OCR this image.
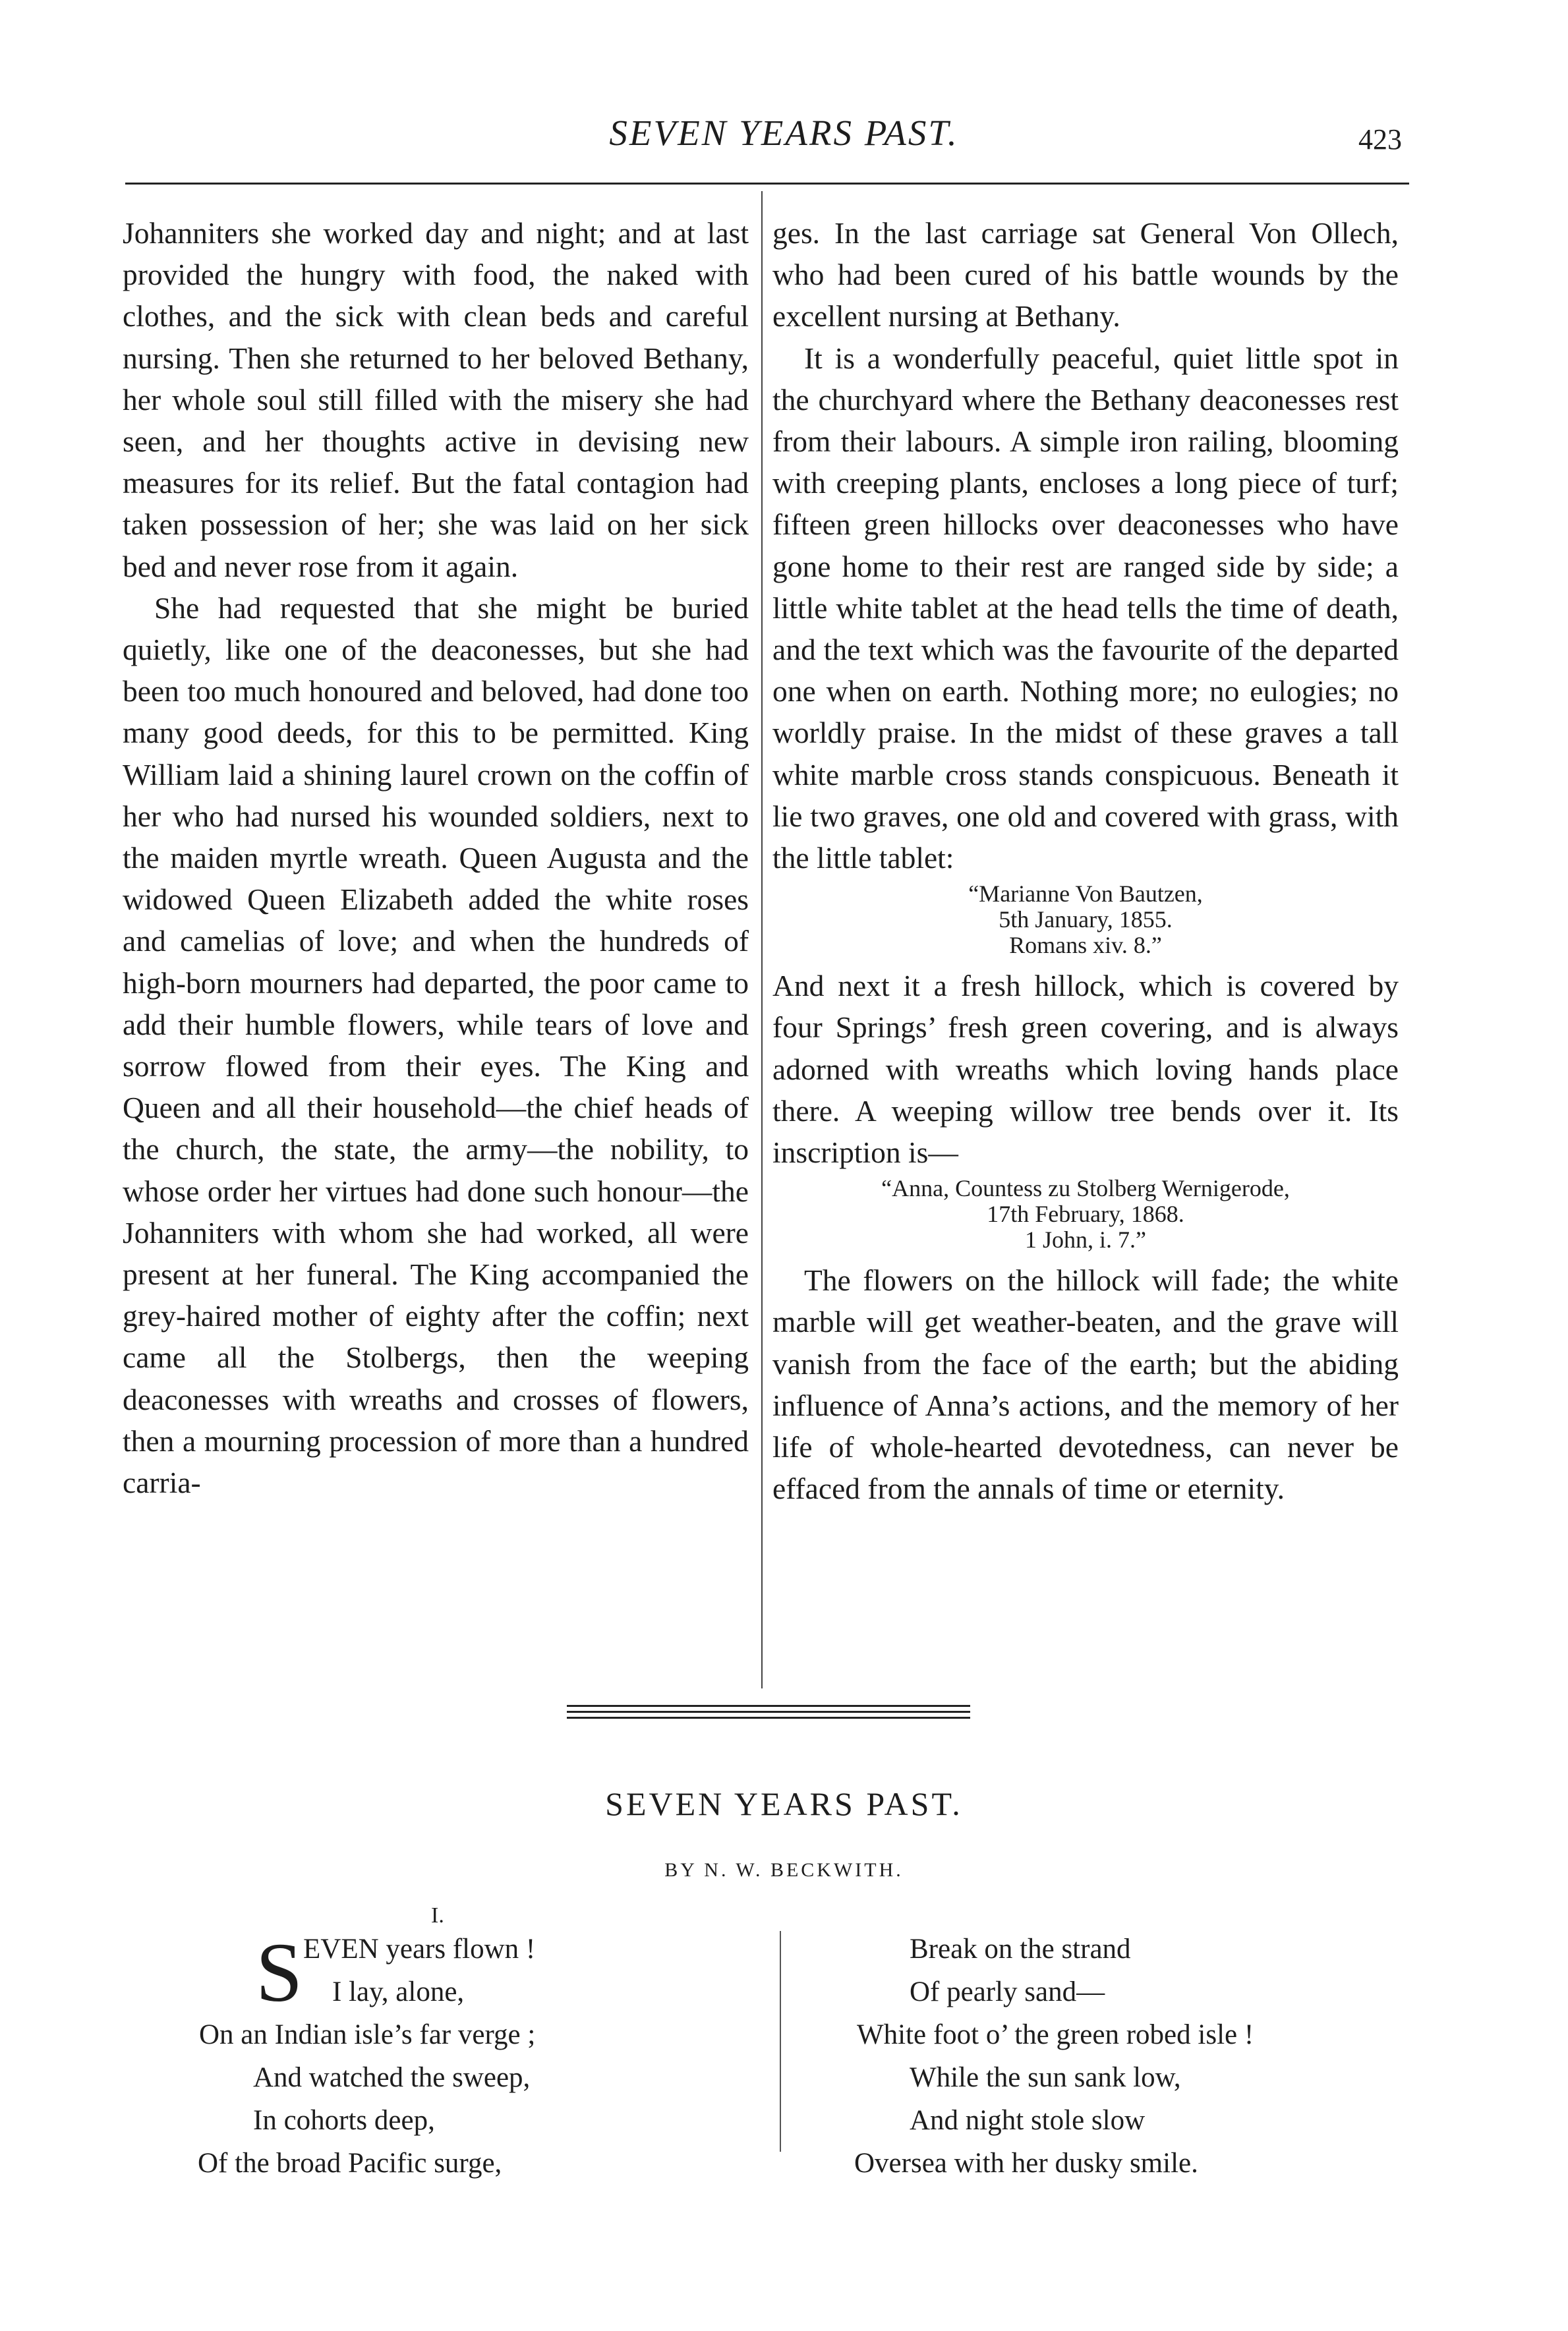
SEVEN YEARS PAST.	423

Johanniters she worked day and night; and at last provided the hungry with food, the naked with clothes, and the sick with clean beds and careful nursing. Then she returned to her beloved Bethany, her whole soul still filled with the misery she had seen, and her thoughts active in devising new measures for its relief. But the fatal contagion had taken possession of her; she was laid on her sick bed and never rose from it again.

She had requested that she might be buried quietly, like one of the deaconesses, but she had been too much honoured and beloved, had done too many good deeds, for this to be permitted. King William laid a shining laurel crown on the coffin of her who had nursed his wounded soldiers, next to the maiden myrtle wreath. Queen Augusta and the widowed Queen Elizabeth added the white roses and camelias of love; and when the hundreds of high-born mourners had departed, the poor came to add their humble flowers, while tears of love and sorrow flowed from their eyes. The King and Queen and all their household—the chief heads of the church, the state, the army—the nobility, to whose order her virtues had done such honour—the Johanniters with whom she had worked, all were present at her funeral. The King accompanied the grey-haired mother of eighty after the coffin; next came all the Stolbergs, then the weeping deaconesses with wreaths and crosses of flowers, then a mourning procession of more than a hundred carria-

ges. In the last carriage sat General Von Ollech, who had been cured of his battle wounds by the excellent nursing at Bethany.

It is a wonderfully peaceful, quiet little spot in the churchyard where the Bethany deaconesses rest from their labours. A simple iron railing, blooming with creeping plants, encloses a long piece of turf; fifteen green hillocks over deaconesses who have gone home to their rest are ranged side by side; a little white tablet at the head tells the time of death, and the text which was the favourite of the departed one when on earth. Nothing more; no eulogies; no worldly praise. In the midst of these graves a tall white marble cross stands conspicuous. Beneath it lie two graves, one old and covered with grass, with the little tablet:

“Marianne Von Bautzen,
5th January, 1855.
Romans xiv. 8.”

And next it a fresh hillock, which is covered by four Springs’ fresh green covering, and is always adorned with wreaths which loving hands place there. A weeping willow tree bends over it. Its inscription is—

“Anna, Countess zu Stolberg Wernigerode,
17th February, 1868.
1 John, i. 7.”

The flowers on the hillock will fade; the white marble will get weather-beaten, and the grave will vanish from the face of the earth; but the abiding influence of Anna’s actions, and the memory of her life of whole-hearted devotedness, can never be effaced from the annals of time or eternity.

SEVEN YEARS PAST.
BY N. W. BECKWITH.
I.
S EVEN years flown !
I lay, alone,
On an Indian isle’s far verge ;
And watched the sweep,
In cohorts deep,
Of the broad Pacific surge,
Break on the strand
Of pearly sand—
White foot o’ the green robed isle !
While the sun sank low,
And night stole slow
Oversea with her dusky smile.
